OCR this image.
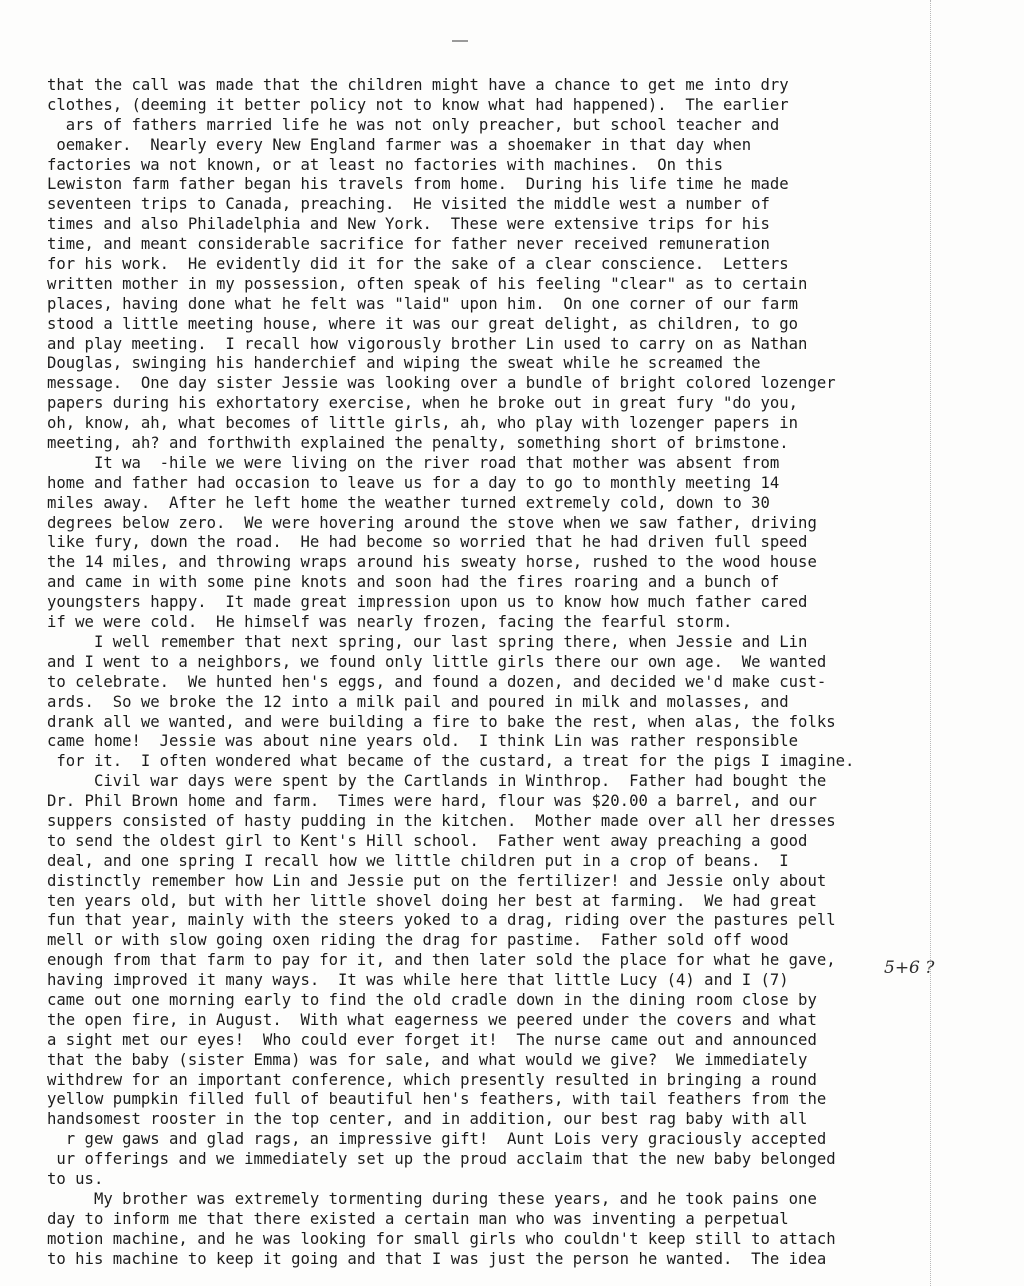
that the call was made that the children might have a chance to get me into dry
clothes, (deeming it better policy not to know what had happened).  The earlier
ars of fathers married life he was not only preacher, but school teacher and
oemaker.  Nearly every New England farmer was a shoemaker in that day when
factories wa not known, or at least no factories with machines.  On this
Lewiston farm father began his travels from home.  During his life time he made
seventeen trips to Canada, preaching.  He visited the middle west a number of
times and also Philadelphia and New York.  These were extensive trips for his
time, and meant considerable sacrifice for father never received remuneration
for his work.  He evidently did it for the sake of a clear conscience.  Letters
written mother in my possession, often speak of his feeling "clear" as to certain
places, having done what he felt was "laid" upon him.  On one corner of our farm
stood a little meeting house, where it was our great delight, as children, to go
and play meeting.  I recall how vigorously brother Lin used to carry on as Nathan
Douglas, swinging his handerchief and wiping the sweat while he screamed the
message.  One day sister Jessie was looking over a bundle of bright colored lozenger
papers during his exhortatory exercise, when he broke out in great fury "do you,
oh, know, ah, what becomes of little girls, ah, who play with lozenger papers in
meeting, ah? and forthwith explained the penalty, something short of brimstone.
It wa  -hile we were living on the river road that mother was absent from
home and father had occasion to leave us for a day to go to monthly meeting 14
miles away.  After he left home the weather turned extremely cold, down to 30
degrees below zero.  We were hovering around the stove when we saw father, driving
like fury, down the road.  He had become so worried that he had driven full speed
the 14 miles, and throwing wraps around his sweaty horse, rushed to the wood house
and came in with some pine knots and soon had the fires roaring and a bunch of
youngsters happy.  It made great impression upon us to know how much father cared
if we were cold.  He himself was nearly frozen, facing the fearful storm.
I well remember that next spring, our last spring there, when Jessie and Lin
and I went to a neighbors, we found only little girls there our own age.  We wanted
to celebrate.  We hunted hen's eggs, and found a dozen, and decided we'd make cust-
ards.  So we broke the 12 into a milk pail and poured in milk and molasses, and
drank all we wanted, and were building a fire to bake the rest, when alas, the folks
came home!  Jessie was about nine years old.  I think Lin was rather responsible
for it.  I often wondered what became of the custard, a treat for the pigs I imagine.
Civil war days were spent by the Cartlands in Winthrop.  Father had bought the
Dr. Phil Brown home and farm.  Times were hard, flour was $20.00 a barrel, and our
suppers consisted of hasty pudding in the kitchen.  Mother made over all her dresses
to send the oldest girl to Kent's Hill school.  Father went away preaching a good
deal, and one spring I recall how we little children put in a crop of beans.  I
distinctly remember how Lin and Jessie put on the fertilizer! and Jessie only about
ten years old, but with her little shovel doing her best at farming.  We had great
fun that year, mainly with the steers yoked to a drag, riding over the pastures pell
mell or with slow going oxen riding the drag for pastime.  Father sold off wood
enough from that farm to pay for it, and then later sold the place for what he gave,
having improved it many ways.  It was while here that little Lucy (4) and I (7)
came out one morning early to find the old cradle down in the dining room close by
the open fire, in August.  With what eagerness we peered under the covers and what
a sight met our eyes!  Who could ever forget it!  The nurse came out and announced
that the baby (sister Emma) was for sale, and what would we give?  We immediately
withdrew for an important conference, which presently resulted in bringing a round
yellow pumpkin filled full of beautiful hen's feathers, with tail feathers from the
handsomest rooster in the top center, and in addition, our best rag baby with all
r gew gaws and glad rags, an impressive gift!  Aunt Lois very graciously accepted
ur offerings and we immediately set up the proud acclaim that the new baby belonged
to us.
My brother was extremely tormenting during these years, and he took pains one
day to inform me that there existed a certain man who was inventing a perpetual
motion machine, and he was looking for small girls who couldn't keep still to attach
to his machine to keep it going and that I was just the person he wanted.  The idea
5+6 ?
